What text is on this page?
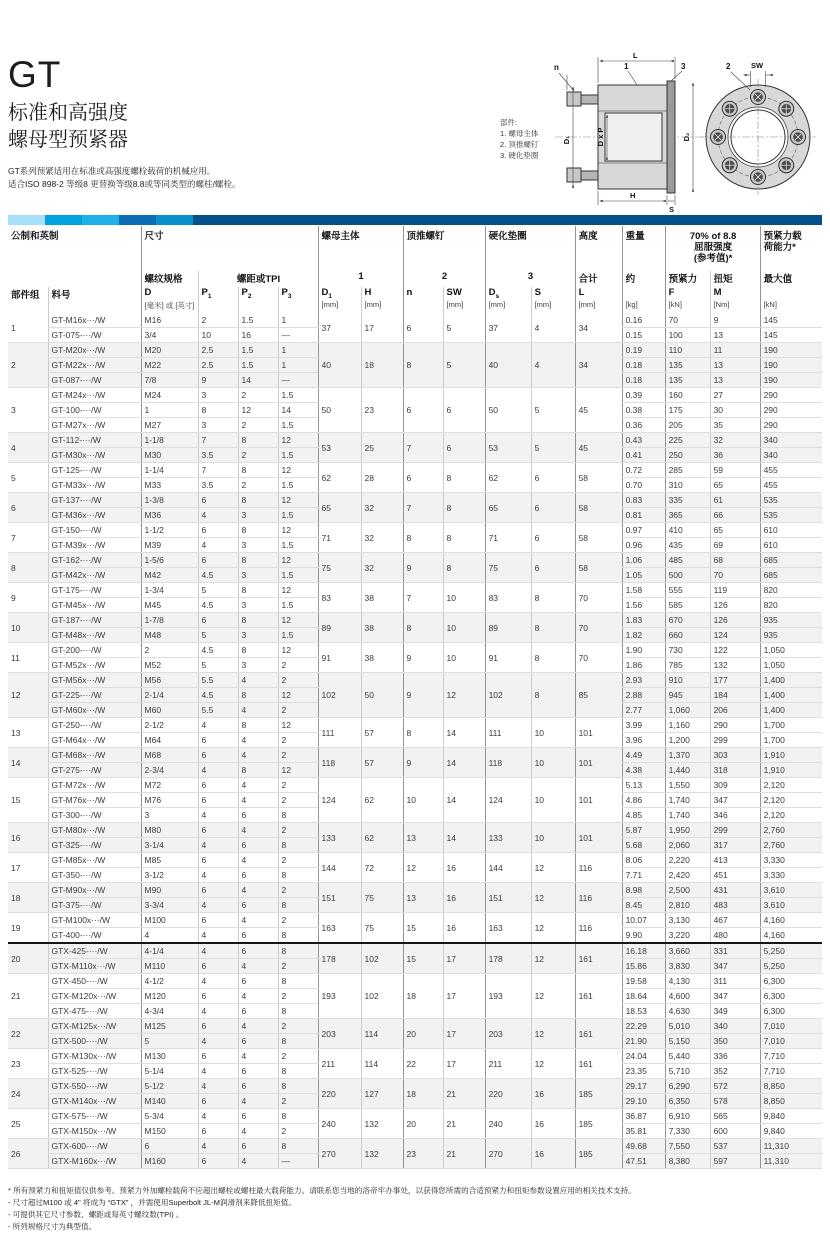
GT
标准和高强度
螺母型预紧器
GT系列预紧适用在标准或高强度螺栓载荷的机械应用。
适合ISO 898-2 等级8 更替换等级8.8或等同类型的螺柱/螺栓。
L
n	1	3
D₁	D x P	D₂
H
S
SW
2
部件:
1. 螺母主体
2. 顶推螺钉
3. 硬化垫圈
公制和英制	尺寸	螺母主体	顶推螺钉	硬化垫圈	高度	重量	70% of 8.8
屈服强度
(参考值)*

预紧力载
荷能力*

		螺纹规格	螺距或TPI			1		2		3		合计	约	预紧力	扭矩	最大值

部件组	料号	D
[毫米] 或 [英寸]

$P_1$	$P_2$	$P_3$	$D_1$
[mm]

H
[mm]

n	SW
[mm]

$D_s$
[mm]

S
[mm]

L
[mm]	[kg]

F
[kN]

M
[Nm]	[kN]

1	GT-M16x···/W	M16	2	1.5	1	37	17	6	5	37	4	34	0.16	70	9	145
	GT-075-···/W	3/4	10	16	—								0.15	100	13	145
2	GT-M20x···/W	M20	2.5	1.5	1	40	18	8	5	40	4	34	0.19	110	11	190
	GT-M22x···/W	M22	2.5	1.5	1								0.18	135	13	190
	GT-087-···/W	7/8	9	14	—								0.18	135	13	190
3	GT-M24x···/W	M24	3	2	1.5	50	23	6	6	50	5	45	0.39	160	27	290
	GT-100-···/W	1	8	12	14								0.38	175	30	290
	GT-M27x···/W	M27	3	2	1.5								0.36	205	35	290
4	GT-112-···/W	1-1/8	7	8	12	53	25	7	6	53	5	45	0.43	225	32	340
	GT-M30x···/W	M30	3.5	2	1.5								0.41	250	36	340
5	GT-125-···/W	1-1/4	7	8	12	62	28	6	8	62	6	58	0.72	285	59	455
	GT-M33x···/W	M33	3.5	2	1.5								0.70	310	65	455
6	GT-137-···/W	1-3/8	6	8	12	65	32	7	8	65	6	58	0.83	335	61	535
	GT-M36x···/W	M36	4	3	1.5								0.81	365	66	535
7	GT-150-···/W	1-1/2	6	8	12	71	32	8	8	71	6	58	0.97	410	65	610
	GT-M39x···/W	M39	4	3	1.5								0.96	435	69	610
8	GT-162-···/W	1-5/6	6	8	12	75	32	9	8	75	6	58	1.06	485	68	685
	GT-M42x···/W	M42	4.5	3	1.5								1.05	500	70	685
9	GT-175-···/W	1-3/4	5	8	12	83	38	7	10	83	8	70	1.58	555	119	820
	GT-M45x···/W	M45	4.5	3	1.5								1.56	585	126	820
10	GT-187-···/W	1-7/8	6	8	12	89	38	8	10	89	8	70	1.83	670	126	935
	GT-M48x···/W	M48	5	3	1.5								1.82	660	124	935
11	GT-200-···/W	2	4.5	8	12	91	38	9	10	91	8	70	1.90	730	122	1,050
	GT-M52x···/W	M52	5	3	2								1.86	785	132	1,050
12	GT-M56x···/W	M56	5.5	4	2	102	50	9	12	102	8	85	2.93	910	177	1,400
	GT-225-···/W	2-1/4	4.5	8	12								2.88	945	184	1,400
	GT-M60x···/W	M60	5.5	4	2								2.77	1,060	206	1,400
13	GT-250-···/W	2-1/2	4	8	12	111	57	8	14	111	10	101	3.99	1,160	290	1,700
	GT-M64x···/W	M64	6	4	2								3.96	1,200	299	1,700
14	GT-M68x···/W	M68	6	4	2	118	57	9	14	118	10	101	4.49	1,370	303	1,910
	GT-275-···/W	2-3/4	4	8	12								4.38	1,440	318	1,910
15	GT-M72x···/W	M72	6	4	2	124	62	10	14	124	10	101	5.13	1,550	309	2,120
	GT-M76x···/W	M76	6	4	2								4.86	1,740	347	2,120
	GT-300-···/W	3	4	6	8								4.85	1,740	346	2,120
16	GT-M80x···/W	M80	6	4	2	133	62	13	14	133	10	101	5.87	1,950	299	2,760
	GT-325-···/W	3-1/4	4	6	8								5.68	2,060	317	2,760
17	GT-M85x···/W	M85	6	4	2	144	72	12	16	144	12	116	8.06	2,220	413	3,330
	GT-350-···/W	3-1/2	4	6	8								7.71	2,420	451	3,330
18	GT-M90x···/W	M90	6	4	2	151	75	13	16	151	12	116	8.98	2,500	431	3,610
	GT-375-···/W	3-3/4	4	6	8								8.45	2,810	483	3,610
19	GT-M100x···/W	M100	6	4	2	163	75	15	16	163	12	116	10.07	3,130	467	4,160
	GT-400-···/W	4	4	6	8								9.90	3,220	480	4,160
20	GTX-425-···/W	4-1/4	4	6	8	178	102	15	17	178	12	161	16.18	3,660	331	5,250
	GTX-M110x···/W	M110	6	4	2								15.86	3,830	347	5,250
21	GTX-450-···/W	4-1/2	4	6	8	193	102	18	17	193	12	161	19.58	4,130	311	6,300
	GTX-M120x···/W	M120	6	4	2								18.64	4,600	347	6,300
	GTX-475-···/W	4-3/4	4	6	8								18.53	4,630	349	6,300
22	GTX-M125x···/W	M125	6	4	2	203	114	20	17	203	12	161	22.29	5,010	340	7,010
	GTX-500-···/W	5	4	6	8								21.90	5,150	350	7,010
23	GTX-M130x···/W	M130	6	4	2	211	114	22	17	211	12	161	24.04	5,440	336	7,710
	GTX-525-···/W	5-1/4	4	6	8								23.35	5,710	352	7,710
24	GTX-550-···/W	5-1/2	4	6	8	220	127	18	21	220	16	185	29.17	6,290	572	8,850
	GTX-M140x···/W	M140	6	4	2								29.10	6,350	578	8,850
25	GTX-575-···/W	5-3/4	4	6	8	240	132	20	21	240	16	185	36.87	6,910	565	9,840
	GTX-M150x···/W	M150	6	4	2								35.81	7,330	600	9,840
26	GTX-600-···/W	6	4	6	8	270	132	23	21	270	16	185	49.68	7,550	537	11,310
	GTX-M160x···/W	M160	6	4	—								47.51	8,380	597	11,310

* 所有预紧力和扭矩值仅供参考。预紧力外加螺栓载荷不应超出螺栓或螺柱最大载荷能力。请联系您当地的洛帝牢办事处，以获得您所需的合适预紧力和扭矩参数设置应用的相关技术支持。

- 尺寸超过M100 或 4" 将成为 “GTX” ，并需使用Superbolt JL-M润滑剂来降低扭矩值。

- 可提供其它尺寸参数、螺距或每英寸螺纹数(TPI) 。

- 所列规格尺寸为典型值。
